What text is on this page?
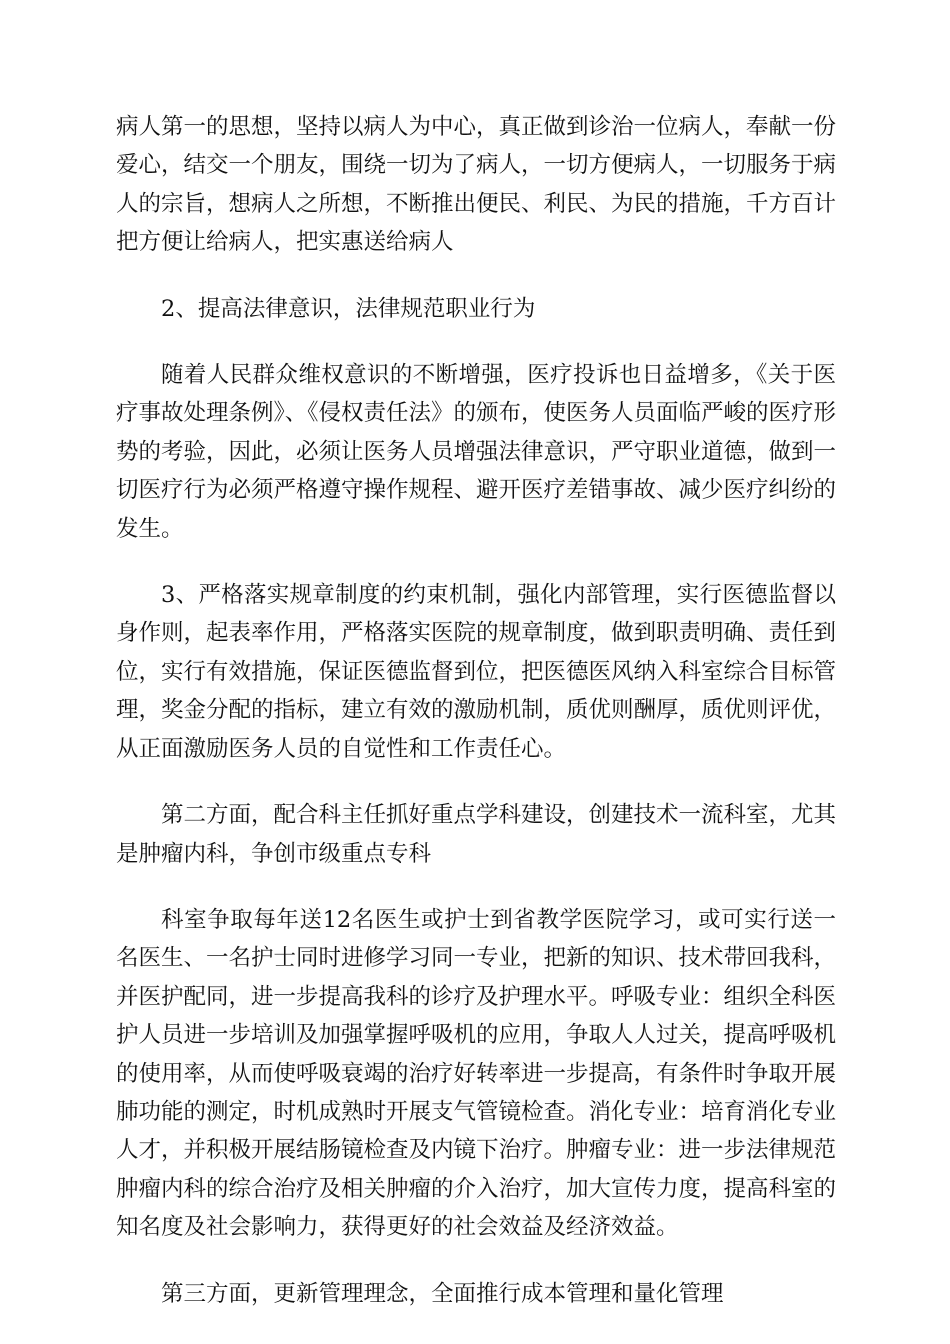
病人第一的思想，坚持以病人为中心，真正做到诊治一位病人，奉献一份爱心，结交一个朋友，围绕一切为了病人，一切方便病人，一切服务于病人的宗旨，想病人之所想，不断推出便民、利民、为民的措施，千方百计把方便让给病人，把实惠送给病人

2、提高法律意识，法律规范职业行为

随着人民群众维权意识的不断增强，医疗投诉也日益增多，《关于医疗事故处理条例》、《侵权责任法》的颁布，使医务人员面临严峻的医疗形势的考验，因此，必须让医务人员增强法律意识，严守职业道德，做到一切医疗行为必须严格遵守操作规程、避开医疗差错事故、减少医疗纠纷的发生。

3、严格落实规章制度的约束机制，强化内部管理，实行医德监督以身作则，起表率作用，严格落实医院的规章制度，做到职责明确、责任到位，实行有效措施，保证医德监督到位，把医德医风纳入科室综合目标管理，奖金分配的指标，建立有效的激励机制，质优则酬厚，质优则评优，从正面激励医务人员的自觉性和工作责任心。

第二方面，配合科主任抓好重点学科建设，创建技术一流科室，尤其是肿瘤内科，争创市级重点专科

科室争取每年送12名医生或护士到省教学医院学习，或可实行送一名医生、一名护士同时进修学习同一专业，把新的知识、技术带回我科，并医护配同，进一步提高我科的诊疗及护理水平。呼吸专业：组织全科医护人员进一步培训及加强掌握呼吸机的应用，争取人人过关，提高呼吸机的使用率，从而使呼吸衰竭的治疗好转率进一步提高，有条件时争取开展肺功能的测定，时机成熟时开展支气管镜检查。消化专业：培育消化专业人才，并积极开展结肠镜检查及内镜下治疗。肿瘤专业：进一步法律规范肿瘤内科的综合治疗及相关肿瘤的介入治疗，加大宣传力度，提高科室的知名度及社会影响力，获得更好的社会效益及经济效益。

第三方面，更新管理理念，全面推行成本管理和量化管理
